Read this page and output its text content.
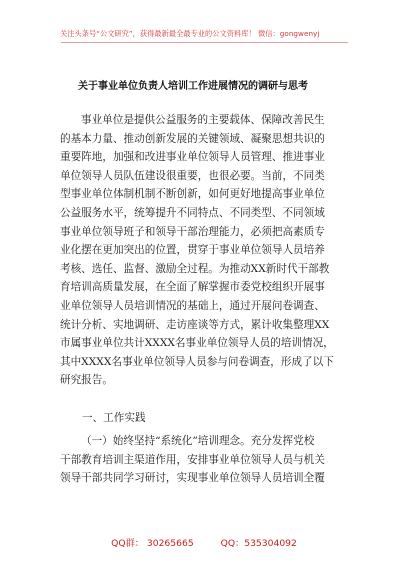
关注头条号“公文研究”，获得最新最全最专业的公文资料库！ 微信：gongwenyj
关于事业单位负责人培训工作进展情况的调研与思考
事业单位是提供公益服务的主要载体、保障改善民生
的基本力量、推动创新发展的关键领域、凝聚思想共识的
重要阵地，加强和改进事业单位领导人员管理、推进事业
单位领导人员队伍建设很重要，也很必要。当前，不同类
型事业单位体制机制不断创新，如何更好地提高事业单位
公益服务水平，统筹提升不同特点、不同类型、不同领域
事业单位领导班子和领导干部治理能力，必须把高素质专
业化摆在更加突出的位置，贯穿于事业单位领导人员培养
考核、选任、监督、激励全过程。为推动XX新时代干部教
育培训高质量发展，在全面了解掌握市委党校组织开展事
业单位领导人员培训情况的基础上，通过开展问卷调查、
统计分析、实地调研、走访座谈等方式，累计收集整理XX
市属事业单位共计XXXX名事业单位领导人员的培训情况，
其中XXXX名事业单位领导人员参与问卷调查，形成了以下
研究报告。
一、工作实践
（一）始终坚持“系统化”培训理念。充分发挥党校
干部教育培训主渠道作用，安排事业单位领导人员与机关
领导干部共同学习研讨，实现事业单位领导人员培训全覆
QQ群： 30265665	QQ：535304092
